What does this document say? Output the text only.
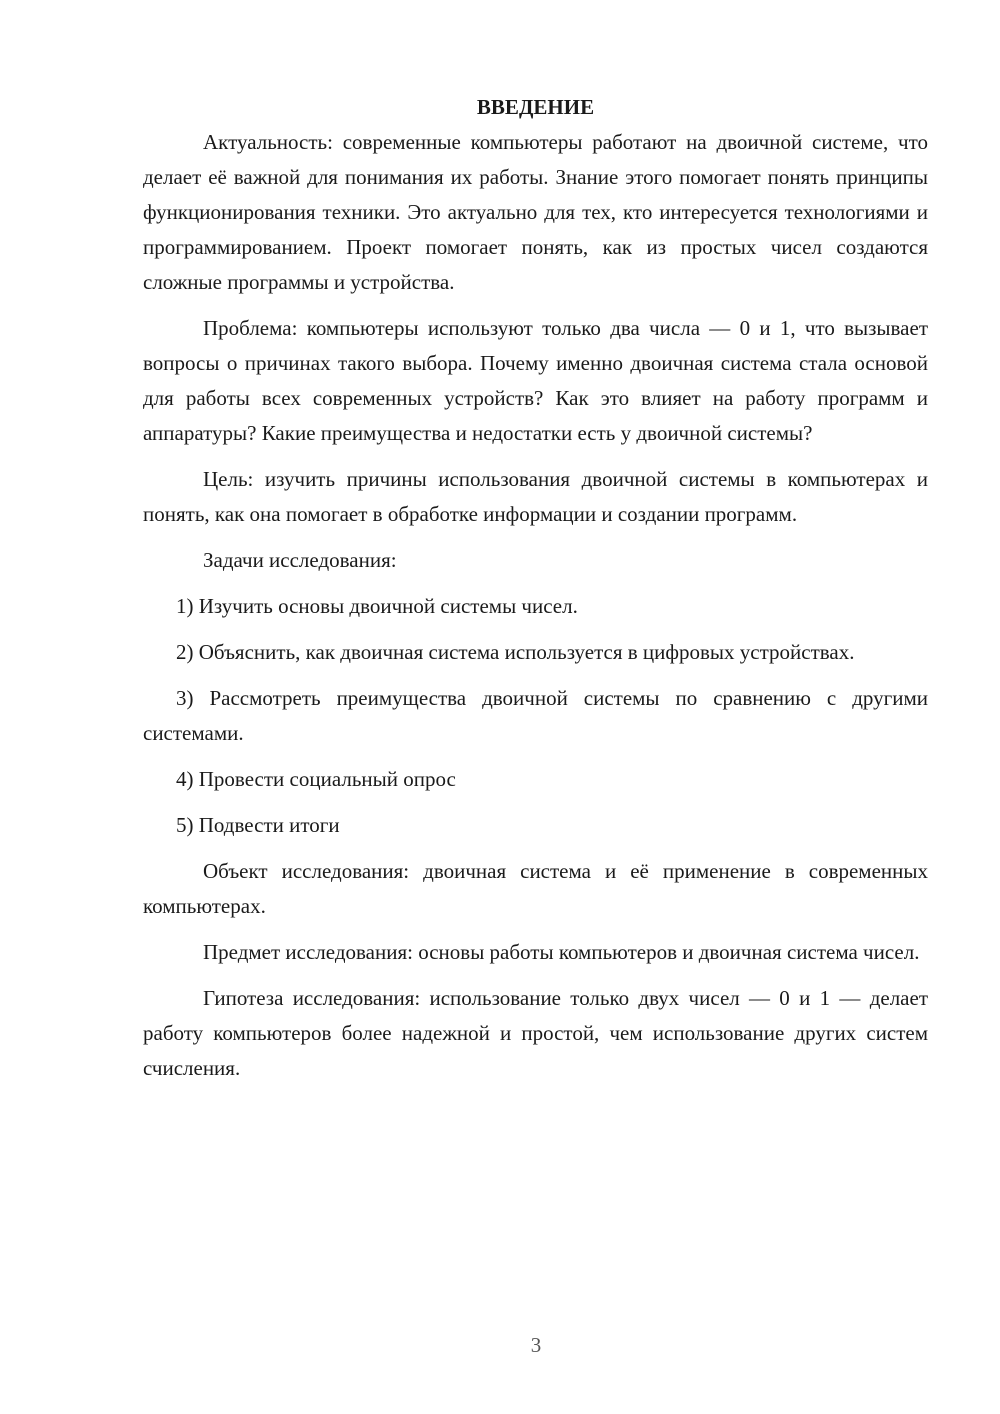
ВВЕДЕНИЕ

Актуальность: современные компьютеры работают на двоичной системе, что делает её важной для понимания их работы. Знание этого помогает понять принципы функционирования техники. Это актуально для тех, кто интересуется технологиями и программированием. Проект помогает понять, как из простых чисел создаются сложные программы и устройства.

Проблема: компьютеры используют только два числа — 0 и 1, что вызывает вопросы о причинах такого выбора. Почему именно двоичная система стала основой для работы всех современных устройств? Как это влияет на работу программ и аппаратуры? Какие преимущества и недостатки есть у двоичной системы?

Цель: изучить причины использования двоичной системы в компьютерах и понять, как она помогает в обработке информации и создании программ.

Задачи исследования:

1) Изучить основы двоичной системы чисел.

2) Объяснить, как двоичная система используется в цифровых устройствах.

3) Рассмотреть преимущества двоичной системы по сравнению с другими системами.

4) Провести социальный опрос

5) Подвести итоги

Объект исследования: двоичная система и её применение в современных компьютерах.

Предмет исследования: основы работы компьютеров и двоичная система чисел.

Гипотеза исследования: использование только двух чисел — 0 и 1 — делает работу компьютеров более надежной и простой, чем использование других систем счисления.

3
